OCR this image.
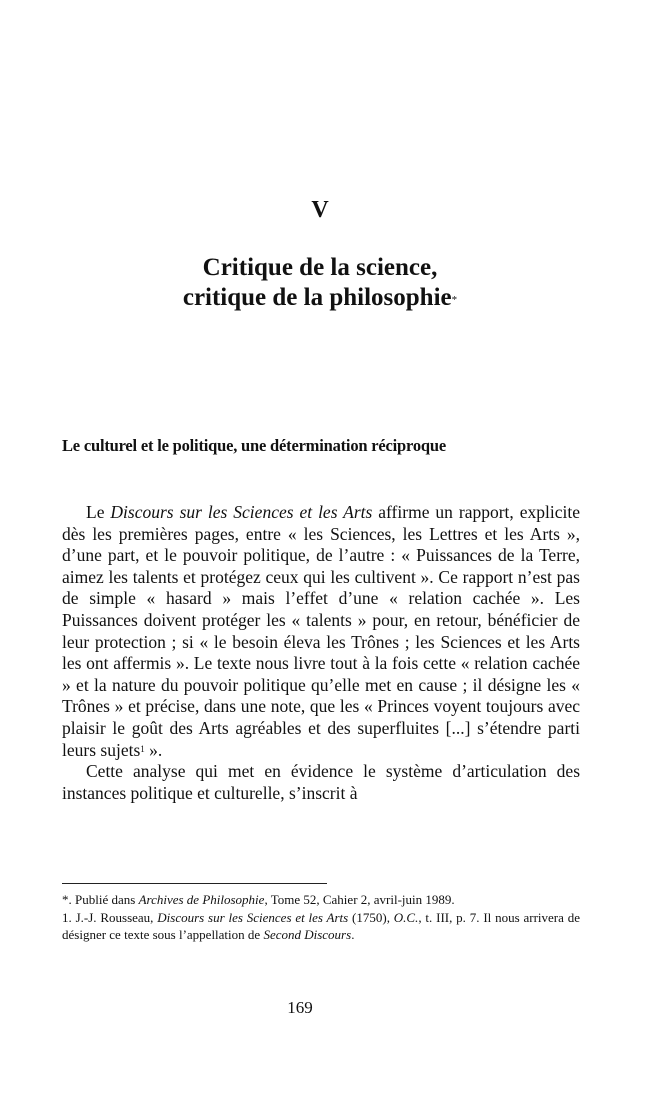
V
Critique de la science,
critique de la philosophie*
Le culturel et le politique, une détermination réciproque

Le Discours sur les Sciences et les Arts affirme un rapport, explicite dès les premières pages, entre « les Sciences, les Lettres et les Arts », d’une part, et le pouvoir politique, de l’autre : « Puissances de la Terre, aimez les talents et protégez ceux qui les cultivent ». Ce rapport n’est pas de simple « hasard » mais l’effet d’une « relation cachée ». Les Puissances doivent protéger les « talents » pour, en retour, bénéficier de leur protection ; si « le besoin éleva les Trônes ; les Sciences et les Arts les ont affermis ». Le texte nous livre tout à la fois cette « relation cachée » et la nature du pouvoir politique qu’elle met en cause ; il désigne les « Trônes » et précise, dans une note, que les « Princes voyent toujours avec plaisir le goût des Arts agréables et des superfluites [...] s’étendre parti leurs sujets$^1$ ».

Cette analyse qui met en évidence le système d’articulation des instances politique et culturelle, s’inscrit à

*. Publié dans Archives de Philosophie, Tome 52, Cahier 2, avril-juin 1989.

1. J.-J. Rousseau, Discours sur les Sciences et les Arts (1750), O.C., t. III, p. 7. Il nous arrivera de désigner ce texte sous l’appellation de Second Discours.

169
